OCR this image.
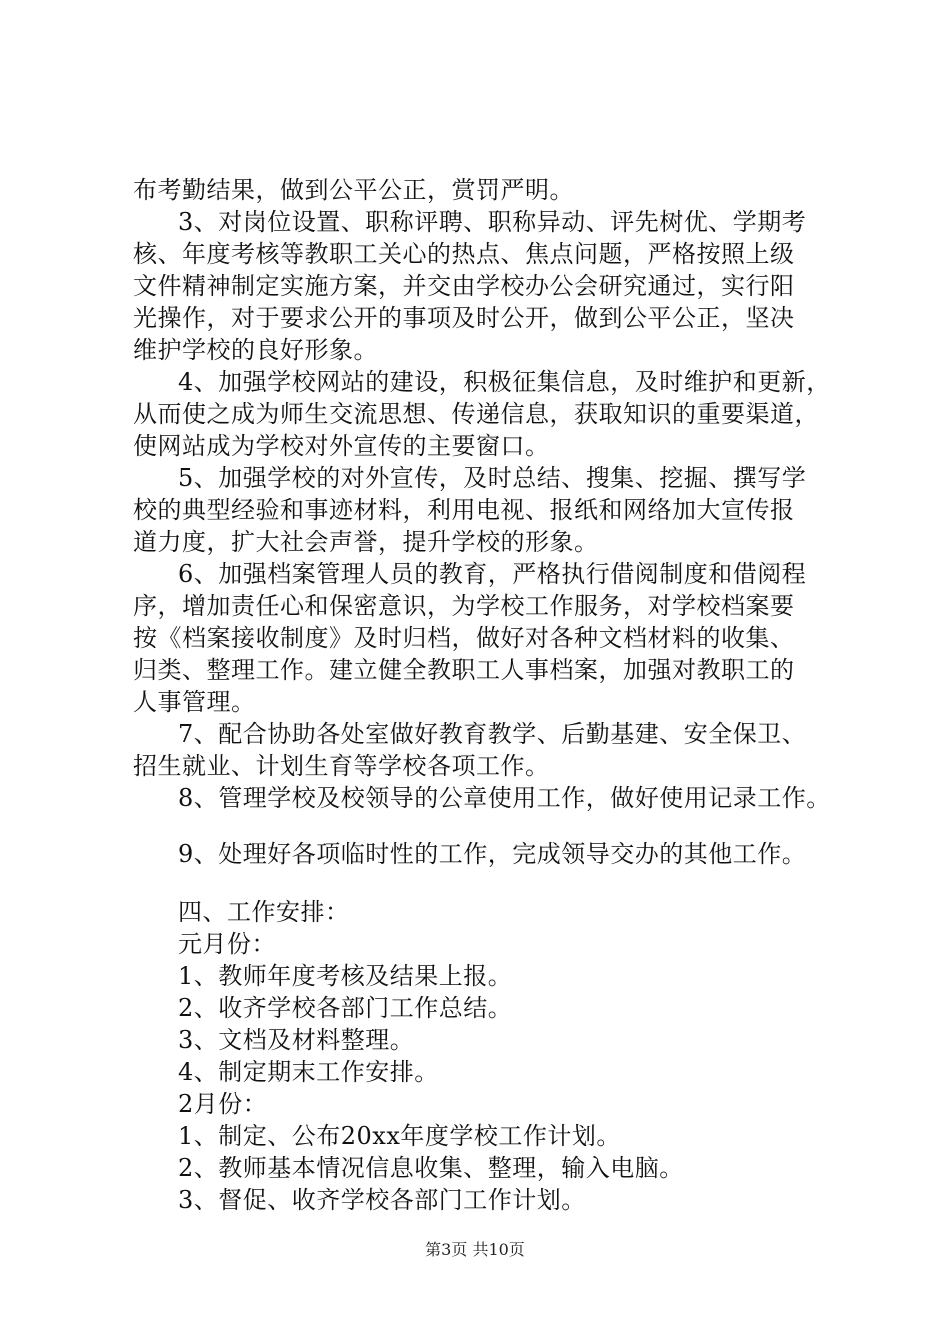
布考勤结果，做到公平公正，赏罚严明。
3、对岗位设置、职称评聘、职称异动、评先树优、学期考
核、年度考核等教职工关心的热点、焦点问题，严格按照上级
文件精神制定实施方案，并交由学校办公会研究通过，实行阳
光操作，对于要求公开的事项及时公开，做到公平公正，坚决
维护学校的良好形象。
4、加强学校网站的建设，积极征集信息，及时维护和更新，
从而使之成为师生交流思想、传递信息，获取知识的重要渠道，
使网站成为学校对外宣传的主要窗口。
5、加强学校的对外宣传，及时总结、搜集、挖掘、撰写学
校的典型经验和事迹材料，利用电视、报纸和网络加大宣传报
道力度，扩大社会声誉，提升学校的形象。
6、加强档案管理人员的教育，严格执行借阅制度和借阅程
序，增加责任心和保密意识，为学校工作服务，对学校档案要
按《档案接收制度》及时归档，做好对各种文档材料的收集、
归类、整理工作。建立健全教职工人事档案，加强对教职工的
人事管理。
7、配合协助各处室做好教育教学、后勤基建、安全保卫、
招生就业、计划生育等学校各项工作。
8、管理学校及校领导的公章使用工作，做好使用记录工作。
9、处理好各项临时性的工作，完成领导交办的其他工作。
四、工作安排：
元月份：
1、教师年度考核及结果上报。
2、收齐学校各部门工作总结。
3、文档及材料整理。
4、制定期末工作安排。
2月份：
1、制定、公布20xx年度学校工作计划。
2、教师基本情况信息收集、整理，输入电脑。
3、督促、收齐学校各部门工作计划。
第3页 共10页
